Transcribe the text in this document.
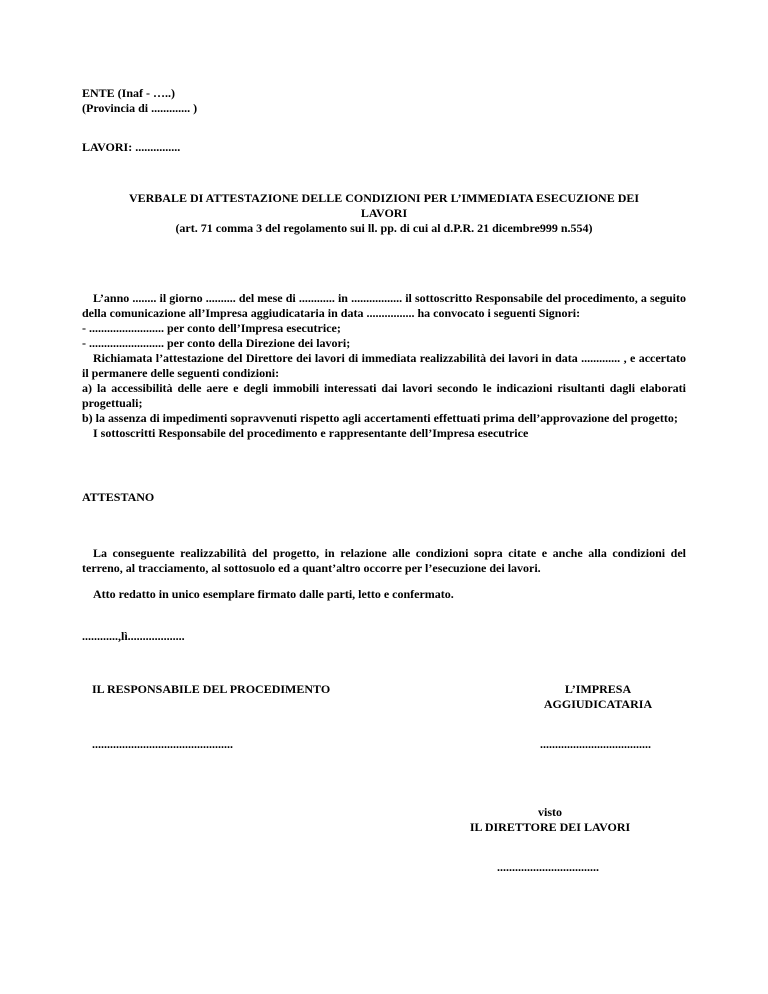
ENTE (Inaf - …..)
(Provincia di ............. )
LAVORI: ...............
VERBALE DI ATTESTAZIONE DELLE CONDIZIONI PER L’IMMEDIATA ESECUZIONE DEI
LAVORI
(art. 71 comma 3 del regolamento sui ll. pp. di cui al d.P.R. 21 dicembre999 n.554)

L’anno ........ il giorno .......... del mese di ............ in ................. il sottoscritto Responsabile del procedimento, a seguito della comunicazione all’Impresa aggiudicataria in data ................ ha convocato i seguenti Signori:

- ......................... per conto dell’Impresa esecutrice;

- ......................... per conto della Direzione dei lavori;

Richiamata l’attestazione del Direttore dei lavori di immediata realizzabilità dei lavori in data ............. , e accertato il permanere delle seguenti condizioni:

a) la accessibilità delle aere e degli immobili interessati dai lavori secondo le indicazioni risultanti dagli elaborati progettuali;

b) la assenza di impedimenti sopravvenuti rispetto agli accertamenti effettuati prima dell’approvazione del progetto;

I sottoscritti Responsabile del procedimento e rappresentante dell’Impresa esecutrice

ATTESTANO

La conseguente realizzabilità del progetto, in relazione alle condizioni sopra citate e anche alla condizioni del terreno, al tracciamento, al sottosuolo ed a quant’altro occorre per l’esecuzione dei lavori.

Atto redatto in unico esemplare firmato dalle parti, letto e confermato.
............,lì...................
IL RESPONSABILE DEL PROCEDIMENTO	L’IMPRESA
AGGIUDICATARIA
...............................................	.....................................
visto
IL DIRETTORE DEI LAVORI
..................................
